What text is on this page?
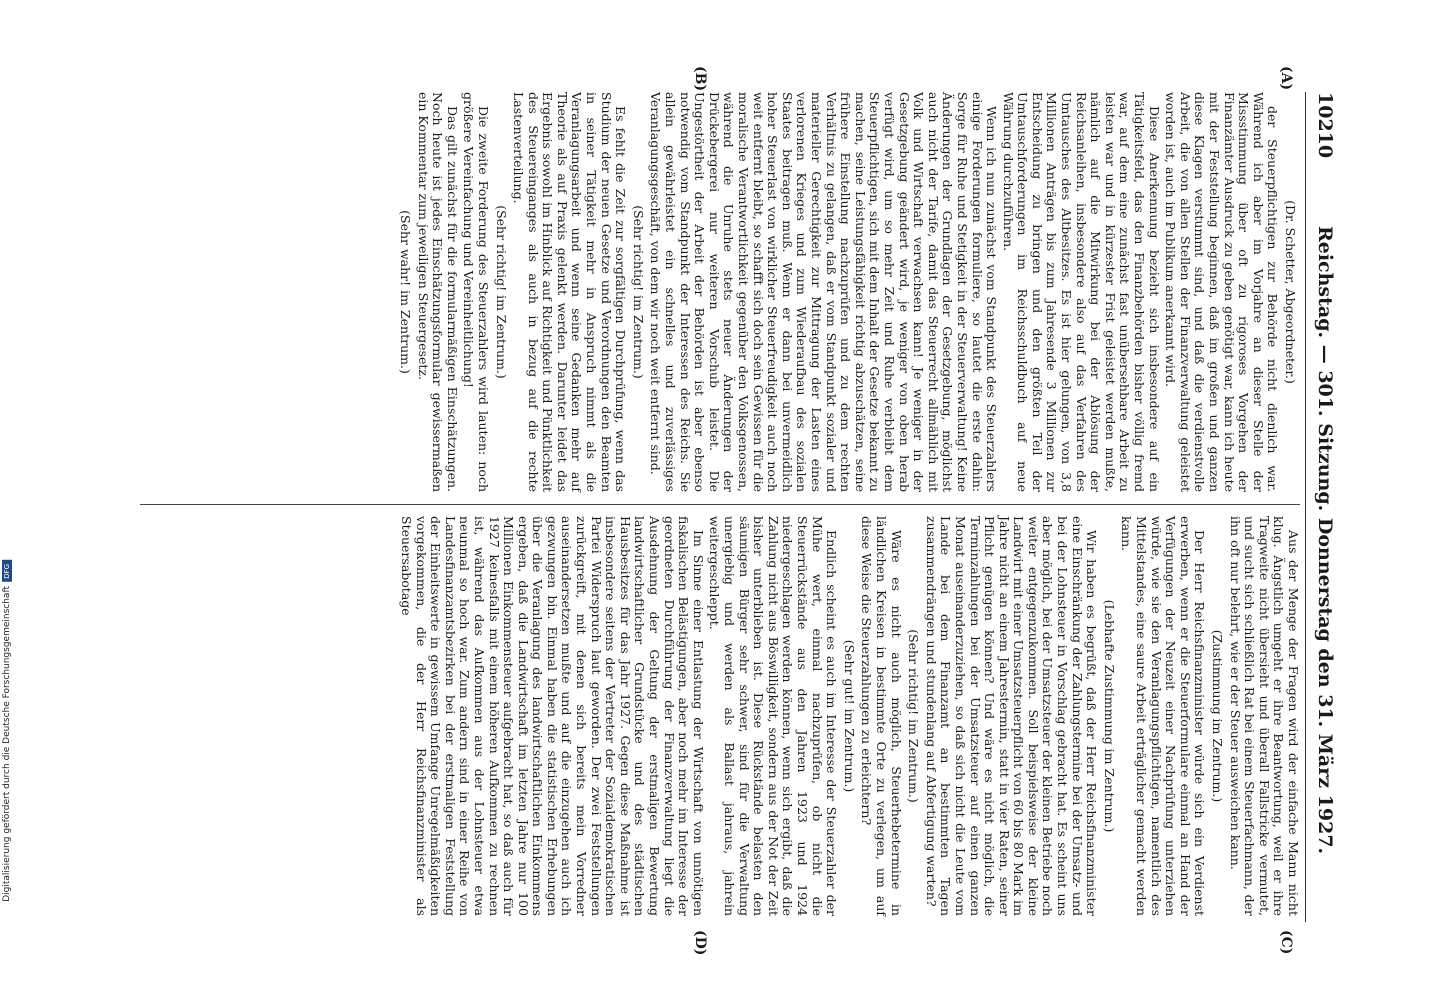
10210
Reichstag. — 301. Sitzung. Donnerstag den 31. März 1927.

(Dr. Schetter, Abgeordneter.)

der Steuerpflichtigen zur Behörde nicht dienlich war. Während ich aber im Vorjahre an dieser Stelle der Missstimmung über oft zu rigoroses Vorgehen der Finanzämter Ausdruck zu geben genötigt war, kann ich heute mit der Feststellung beginnen, daß im großen und ganzen diese Klagen verstummt sind, und daß die verdienstvolle Arbeit, die von allen Stellen der Finanzverwaltung geleistet worden ist, auch im Publikum anerkannt wird.

Diese Anerkennung bezieht sich insbesondere auf ein Tätigkeitsfeld, das den Finanzbehörden bisher völlig fremd war, auf dem eine zunächst fast unübersehbare Arbeit zu leisten war und in kürzester Frist geleistet werden mußte, nämlich auf die Mitwirkung bei der Ablösung der Reichsanleihen, insbesondere also auf das Verfahren des Umtausches des Altbesitzes. Es ist hier gelungen, von 3,8 Millionen Anträgen bis zum Jahresende 3 Millionen zur Entscheidung zu bringen und den größten Teil der Umtauschforderungen im Reichsschuldbuch auf neue Währung durchzuführen.

Wenn ich nun zunächst vom Standpunkt des Steuerzahlers einige Forderungen formuliere, so lautet die erste dahin: Sorge für Ruhe und Stetigkeit in der Steuerverwaltung! Keine Änderungen der Grundlagen der Gesetzgebung, möglichst auch nicht der Tarife, damit das Steuerrecht allmählich mit Volk und Wirtschaft verwachsen kann! Je weniger in der Gesetzgebung geändert wird, je weniger von oben herab verfügt wird, um so mehr Zeit und Ruhe verbleibt dem Steuerpflichtigen, sich mit dem Inhalt der Gesetze bekannt zu machen, seine Leistungsfähigkeit richtig abzuschätzen, seine frühere Einstellung nachzuprüfen und zu dem rechten Verhältnis zu gelangen, daß er vom Standpunkt sozialer und materieller Gerechtigkeit zur Mittragung der Lasten eines verlorenen Krieges und zum Wiederaufbau des sozialen Staates beitragen muß. Wenn er dann bei unvermeidlich hoher Steuerlast von wirklicher Steuerfreudigkeit auch noch weit entfernt bleibt, so schafft sich doch sein Gewissen für die moralische Verantwortlichkeit gegenüber den Volksgenossen, während die Unruhe stets neuer Änderungen der Drückebergerei nur weiteren Vorschub leistet. Die Ungestörtheit der Arbeit der Behörden ist aber ebenso notwendig vom Standpunkt der Interessen des Reichs. Sie allein gewährleistet ein schnelles und zuverlässiges Veranlagungsgeschäft, von dem wir noch weit entfernt sind.

(Sehr richtig! im Zentrum.)

Es fehlt die Zeit zur sorgfältigen Durchprüfung, wenn das Studium der neuen Gesetze und Verordnungen den Beamten in seiner Tätigkeit mehr in Anspruch nimmt als die Veranlagungsarbeit und wenn seine Gedanken mehr auf Theorie als auf Praxis gelenkt werden. Darunter leidet das Ergebnis sowohl im Hinblick auf Richtigkeit und Pünktlichkeit des Steuereinganges als auch in bezug auf die rechte Lastenverteilung.

(Sehr richtig! im Zentrum.)

Die zweite Forderung des Steuerzahlers wird lauten: noch größere Vereinfachung und Vereinheitlichung!

Das gilt zunächst für die formularmäßigen Einschätzungen. Noch heute ist jedes Einschätzungsformular gewissermaßen ein Kommentar zum jeweiligen Steuergesetz.

(Sehr wahr! im Zentrum.)

Aus der Menge der Fragen wird der einfache Mann nicht klug. Ängstlich umgeht er ihre Beantwortung, weil er ihre Tragweite nicht übersieht und überall Fallstricke vermutet, und sucht sich schließlich Rat bei einem Steuerfachmann, der ihn oft nur belehrt, wie er der Steuer ausweichen kann.

(Zustimmung im Zentrum.)

Der Herr Reichsfinanzminister würde sich ein Verdienst erwerben, wenn er die Steuerformulare einmal an Hand der Verfügungen der Neuzeit einer Nachprüfung unterziehen würde, wie sie den Veranlagungspflichtigen, namentlich des Mittelstandes, eine saure Arbeit erträglicher gemacht werden kann.

(Lebhafte Zustimmung im Zentrum.)

Wir haben es begrüßt, daß der Herr Reichsfinanzminister eine Einschränkung der Zahlungstermine bei der Umsatz- und bei der Lohnsteuer in Vorschlag gebracht hat. Es scheint uns aber möglich, bei der Umsatzsteuer der kleinen Betriebe noch weiter entgegenzukommen. Soll beispielsweise der kleine Landwirt mit einer Umsatzsteuerpflicht von 60 bis 80 Mark im Jahre nicht an einem Jahrestermin, statt in vier Raten, seiner Pflicht genügen können? Und wäre es nicht möglich, die Terminzahlungen bei der Umsatzsteuer auf einen ganzen Monat auseinanderzuziehen, so daß sich nicht die Leute vom Lande bei dem Finanzamt an bestimmten Tagen zusammendrängen und stundenlang auf Abfertigung warten?

(Sehr richtig! im Zentrum.)

Wäre es nicht auch möglich, Steuerhebetermine in ländlichen Kreisen in bestimmte Orte zu verlegen, um auf diese Weise die Steuerzahlungen zu erleichtern?

(Sehr gut! im Zentrum.)

Endlich scheint es auch im Interesse der Steuerzahler der Mühe wert, einmal nachzuprüfen, ob nicht die Steuerrückstände aus den Jahren 1923 und 1924 niedergeschlagen werden können, wenn sich ergibt, daß die Zahlung nicht aus Böswilligkeit, sondern aus der Not der Zeit bisher unterblieben ist. Diese Rückstände belasten den säumigen Bürger sehr schwer, sind für die Verwaltung unergiebig und werden als Ballast jahraus, jahrein weitergeschleppt.

Im Sinne einer Entlastung der Wirtschaft von unnötigen fiskalischen Belästigungen, aber noch mehr im Interesse der geordneten Durchführung der Finanzverwaltung liegt die Ausdehnung der Geltung der erstmaligen Bewertung landwirtschaftlicher Grundstücke und des städtischen Hausbesitzes für das Jahr 1927. Gegen diese Maßnahme ist insbesondere seitens der Vertreter der Sozialdemokratischen Partei Widerspruch laut geworden. Der zwei Feststellungen zurückgreift, mit denen sich bereits mein Vorredner auseinandersetzen mußte und auf die einzugehen auch ich gezwungen bin. Einmal haben die statistischen Erhebungen über die Veranlagung des landwirtschaftlichen Einkommens ergeben, daß die Landwirtschaft im letzten Jahre nur 100 Millionen Einkommensteuer aufgebracht hat, so daß auch für 1927 keinesfalls mit einem höheren Aufkommen zu rechnen ist, während das Aufkommen aus der Lohnsteuer etwa neunmal so hoch war. Zum andern sind in einer Reihe von Landesfinanzamtsbezirken bei der erstmaligen Feststellung der Einheitswerte in gewissem Umfange Unregelmäßigkeiten vorgekommen, die der Herr Reichsfinanzminister als Steuersabotage

(A)
(B)
(C)
(D)
Digitalisierung gefördert durch die Deutsche Forschungsgemeinschaft
DFG
